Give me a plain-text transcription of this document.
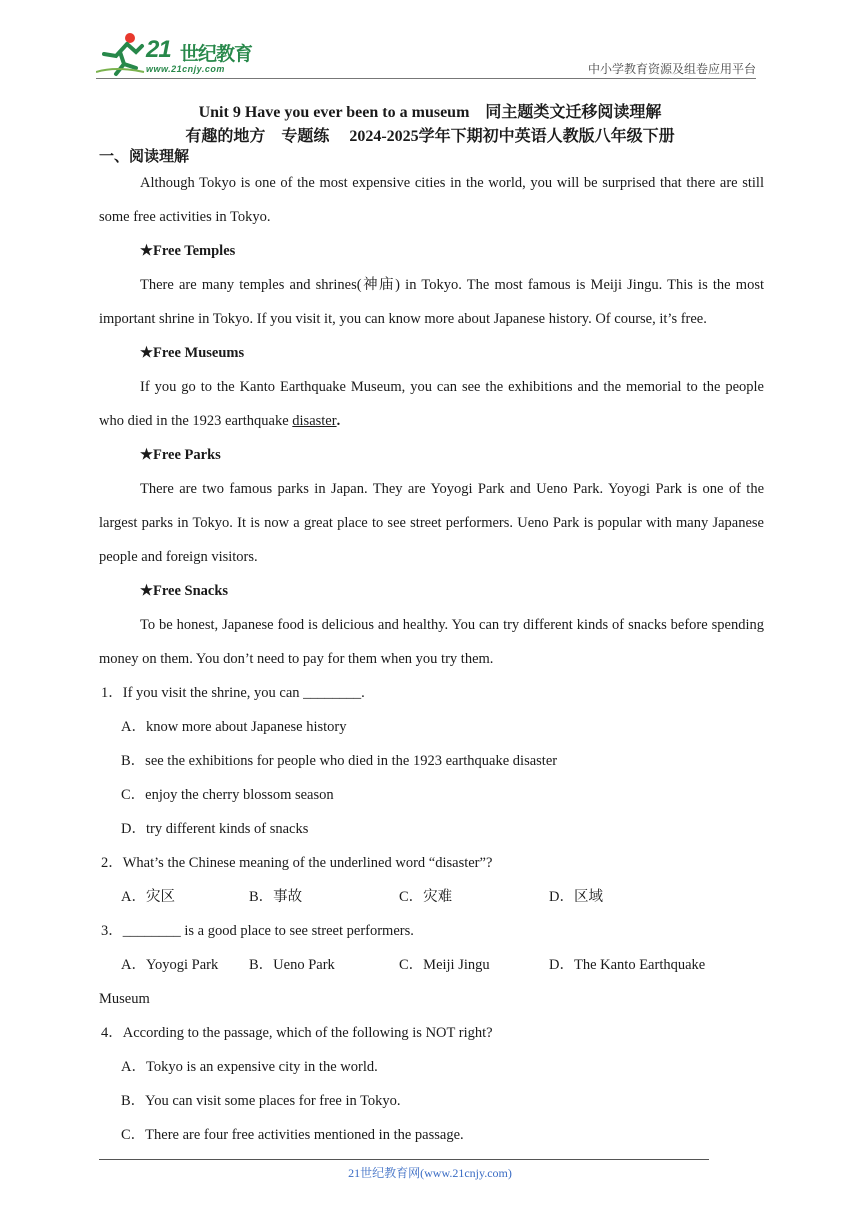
21 世纪教育
www.21cnjy.com	中小学教育资源及组卷应用平台
Unit 9 Have you ever been to a museum　同主题类文迁移阅读理解
有趣的地方　专题练　 2024-2025学年下期初中英语人教版八年级下册
一、阅读理解

Although Tokyo is one of the most expensive cities in the world, you will be surprised that there are still some free activities in Tokyo.

★Free Temples

There are many temples and shrines(神庙) in Tokyo. The most famous is Meiji Jingu. This is the most important shrine in Tokyo. If you visit it, you can know more about Japanese history. Of course, it’s free.

★Free Museums

If you go to the Kanto Earthquake Museum, you can see the exhibitions and the memorial to the people who died in the 1923 earthquake disaster.

★Free Parks

There are two famous parks in Japan. They are Yoyogi Park and Ueno Park. Yoyogi Park is one of the largest parks in Tokyo. It is now a great place to see street performers. Ueno Park is popular with many Japanese people and foreign visitors.

★Free Snacks

To be honest, Japanese food is delicious and healthy. You can try different kinds of snacks before spending money on them. You don’t need to pay for them when you try them.

1．If you visit the shrine, you can ________.

A．know more about Japanese history

B．see the exhibitions for people who died in the 1923 earthquake disaster

C．enjoy the cherry blossom season

D．try different kinds of snacks

2．What’s the Chinese meaning of the underlined word “disaster”?

A．灾区	B．事故	C．灾难	D．区域

3．________ is a good place to see street performers.

A．Yoyogi Park	B．Ueno Park	C．Meiji Jingu	D．The Kanto Earthquake

Museum

4．According to the passage, which of the following is NOT right?

A．Tokyo is an expensive city in the world.

B．You can visit some places for free in Tokyo.

C．There are four free activities mentioned in the passage.

21世纪教育网(www.21cnjy.com)
